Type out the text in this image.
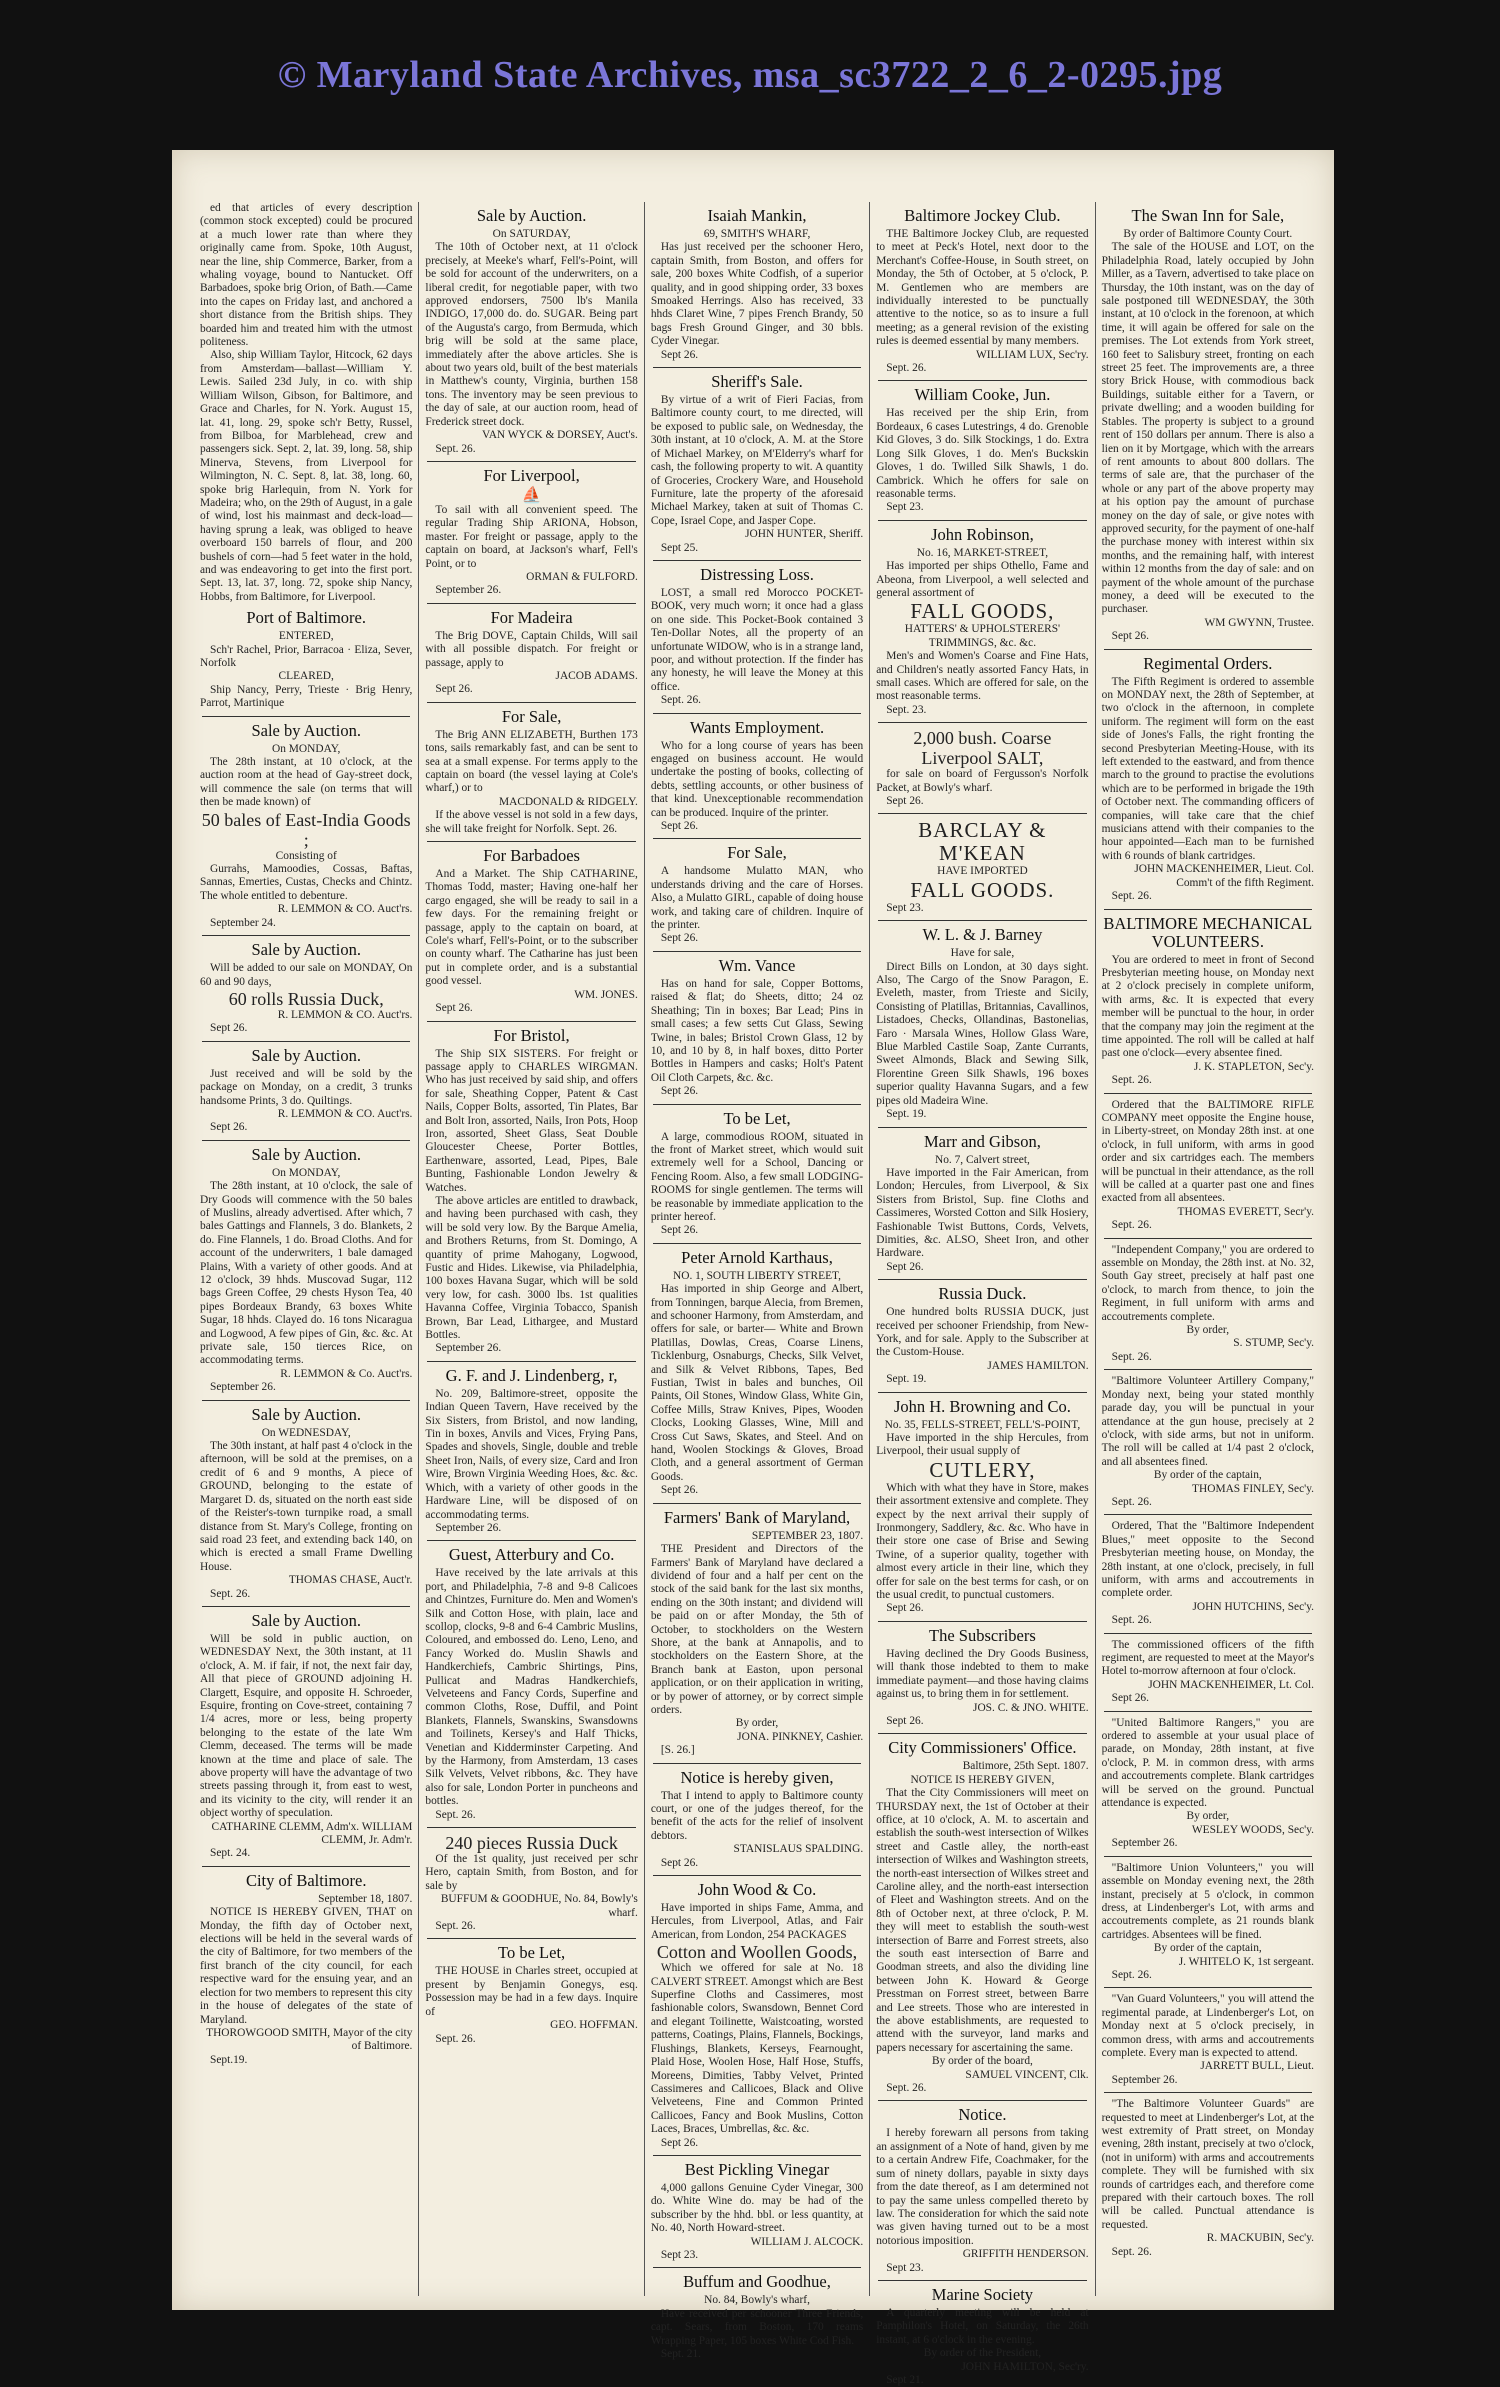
© Maryland State Archives, msa_sc3722_2_6_2-0295.jpg

ed that articles of every description (common stock excepted) could be procured at a much lower rate than where they originally came from. Spoke, 10th August, near the line, ship Commerce, Barker, from a whaling voyage, bound to Nantucket. Off Barbadoes, spoke brig Orion, of Bath.—Came into the capes on Friday last, and anchored a short distance from the British ships. They boarded him and treated him with the utmost politeness.

Also, ship William Taylor, Hitcock, 62 days from Amsterdam—ballast—William Y. Lewis. Sailed 23d July, in co. with ship William Wilson, Gibson, for Baltimore, and Grace and Charles, for N. York. August 15, lat. 41, long. 29, spoke sch'r Betty, Russel, from Bilboa, for Marblehead, crew and passengers sick. Sept. 2, lat. 39, long. 58, ship Minerva, Stevens, from Liverpool for Wilmington, N. C. Sept. 8, lat. 38, long. 60, spoke brig Harlequin, from N. York for Madeira; who, on the 29th of August, in a gale of wind, lost his mainmast and deck-load—having sprung a leak, was obliged to heave overboard 150 barrels of flour, and 200 bushels of corn—had 5 feet water in the hold, and was endeavoring to get into the first port. Sept. 13, lat. 37, long. 72, spoke ship Nancy, Hobbs, from Baltimore, for Liverpool.

Port of Baltimore.

ENTERED,

Sch'r Rachel, Prior, Barracoa · Eliza, Sever, Norfolk

CLEARED,

Ship Nancy, Perry, Trieste · Brig Henry, Parrot, Martinique

Sale by Auction.

On MONDAY,

The 28th instant, at 10 o'clock, at the auction room at the head of Gay-street dock, will commence the sale (on terms that will then be made known) of

50 bales of East-India Goods ;

Consisting of

Gurrahs, Mamoodies, Cossas, Baftas, Sannas, Emerties, Custas, Checks and Chintz. The whole entitled to debenture.

R. LEMMON & CO. Auct'rs.

September 24.

Sale by Auction.

Will be added to our sale on MONDAY, On 60 and 90 days,

60 rolls Russia Duck,

R. LEMMON & CO. Auct'rs.

Sept 26.

Sale by Auction.

Just received and will be sold by the package on Monday, on a credit, 3 trunks handsome Prints, 3 do. Quiltings.

R. LEMMON & CO. Auct'rs.

Sept 26.

Sale by Auction.

On MONDAY,

The 28th instant, at 10 o'clock, the sale of Dry Goods will commence with the 50 bales of Muslins, already advertised. After which, 7 bales Gattings and Flannels, 3 do. Blankets, 2 do. Fine Flannels, 1 do. Broad Cloths. And for account of the underwriters, 1 bale damaged Plains, With a variety of other goods. And at 12 o'clock, 39 hhds. Muscovad Sugar, 112 bags Green Coffee, 29 chests Hyson Tea, 40 pipes Bordeaux Brandy, 63 boxes White Sugar, 18 hhds. Clayed do. 16 tons Nicaragua and Logwood, A few pipes of Gin, &c. &c. At private sale, 150 tierces Rice, on accommodating terms.

R. LEMMON & Co. Auct'rs.

September 26.

Sale by Auction.

On WEDNESDAY,

The 30th instant, at half past 4 o'clock in the afternoon, will be sold at the premises, on a credit of 6 and 9 months, A piece of GROUND, belonging to the estate of Margaret D. ds, situated on the north east side of the Reister's-town turnpike road, a small distance from St. Mary's College, fronting on said road 23 feet, and extending back 140, on which is erected a small Frame Dwelling House.

THOMAS CHASE, Auct'r.

Sept. 26.

Sale by Auction.

Will be sold in public auction, on WEDNESDAY Next, the 30th instant, at 11 o'clock, A. M. if fair, if not, the next fair day, All that piece of GROUND adjoining H. Clargett, Esquire, and opposite H. Schroeder, Esquire, fronting on Cove-street, containing 7 1/4 acres, more or less, being property belonging to the estate of the late Wm Clemm, deceased. The terms will be made known at the time and place of sale. The above property will have the advantage of two streets passing through it, from east to west, and its vicinity to the city, will render it an object worthy of speculation.

CATHARINE CLEMM, Adm'x. WILLIAM CLEMM, Jr. Adm'r.

Sept. 24.

City of Baltimore.

September 18, 1807.

NOTICE IS HEREBY GIVEN, THAT on Monday, the fifth day of October next, elections will be held in the several wards of the city of Baltimore, for two members of the first branch of the city council, for each respective ward for the ensuing year, and an election for two members to represent this city in the house of delegates of the state of Maryland.

THOROWGOOD SMITH, Mayor of the city of Baltimore.

Sept.19.

Sale by Auction.

On SATURDAY,

The 10th of October next, at 11 o'clock precisely, at Meeke's wharf, Fell's-Point, will be sold for account of the underwriters, on a liberal credit, for negotiable paper, with two approved endorsers, 7500 lb's Manila INDIGO, 17,000 do. do. SUGAR. Being part of the Augusta's cargo, from Bermuda, which brig will be sold at the same place, immediately after the above articles. She is about two years old, built of the best materials in Matthew's county, Virginia, burthen 158 tons. The inventory may be seen previous to the day of sale, at our auction room, head of Frederick street dock.

VAN WYCK & DORSEY, Auct's.

Sept. 26.

For Liverpool,

⛵

To sail with all convenient speed. The regular Trading Ship ARIONA, Hobson, master. For freight or passage, apply to the captain on board, at Jackson's wharf, Fell's Point, or to

ORMAN & FULFORD.

September 26.

For Madeira

The Brig DOVE, Captain Childs, Will sail with all possible dispatch. For freight or passage, apply to

JACOB ADAMS.

Sept 26.

For Sale,

The Brig ANN ELIZABETH, Burthen 173 tons, sails remarkably fast, and can be sent to sea at a small expense. For terms apply to the captain on board (the vessel laying at Cole's wharf,) or to

MACDONALD & RIDGELY.

If the above vessel is not sold in a few days, she will take freight for Norfolk. Sept. 26.

For Barbadoes

And a Market. The Ship CATHARINE, Thomas Todd, master; Having one-half her cargo engaged, she will be ready to sail in a few days. For the remaining freight or passage, apply to the captain on board, at Cole's wharf, Fell's-Point, or to the subscriber on county wharf. The Catharine has just been put in complete order, and is a substantial good vessel.

WM. JONES.

Sept 26.

For Bristol,

The Ship SIX SISTERS. For freight or passage apply to CHARLES WIRGMAN. Who has just received by said ship, and offers for sale, Sheathing Copper, Patent & Cast Nails, Copper Bolts, assorted, Tin Plates, Bar and Bolt Iron, assorted, Nails, Iron Pots, Hoop Iron, assorted, Sheet Glass, Seat Double Gloucester Cheese, Porter Bottles, Earthenware, assorted, Lead, Pipes, Bale Bunting, Fashionable London Jewelry & Watches.

The above articles are entitled to drawback, and having been purchased with cash, they will be sold very low. By the Barque Amelia, and Brothers Returns, from St. Domingo, A quantity of prime Mahogany, Logwood, Fustic and Hides. Likewise, via Philadelphia, 100 boxes Havana Sugar, which will be sold very low, for cash. 3000 lbs. 1st qualities Havanna Coffee, Virginia Tobacco, Spanish Brown, Bar Lead, Lithargee, and Mustard Bottles.

September 26.

G. F. and J. Lindenberg, r,

No. 209, Baltimore-street, opposite the Indian Queen Tavern, Have received by the Six Sisters, from Bristol, and now landing, Tin in boxes, Anvils and Vices, Frying Pans, Spades and shovels, Single, double and treble Sheet Iron, Nails, of every size, Card and Iron Wire, Brown Virginia Weeding Hoes, &c. &c. Which, with a variety of other goods in the Hardware Line, will be disposed of on accommodating terms.

September 26.

Guest, Atterbury and Co.

Have received by the late arrivals at this port, and Philadelphia, 7-8 and 9-8 Calicoes and Chintzes, Furniture do. Men and Women's Silk and Cotton Hose, with plain, lace and scollop, clocks, 9-8 and 6-4 Cambric Muslins, Coloured, and embossed do. Leno, Leno, and Fancy Worked do. Muslin Shawls and Handkerchiefs, Cambric Shirtings, Pins, Pullicat and Madras Handkerchiefs, Velveteens and Fancy Cords, Superfine and common Cloths, Rose, Duffil, and Point Blankets, Flannels, Swanskins, Swansdowns and Toilinets, Kersey's and Half Thicks, Venetian and Kidderminster Carpeting. And by the Harmony, from Amsterdam, 13 cases Silk Velvets, Velvet ribbons, &c. They have also for sale, London Porter in puncheons and bottles.

Sept. 26.

240 pieces Russia Duck

Of the 1st quality, just received per schr Hero, captain Smith, from Boston, and for sale by

BUFFUM & GOODHUE, No. 84, Bowly's wharf.

Sept. 26.

To be Let,

THE HOUSE in Charles street, occupied at present by Benjamin Gonegys, esq. Possession may be had in a few days. Inquire of

GEO. HOFFMAN.

Sept. 26.

Isaiah Mankin,

69, SMITH'S WHARF,

Has just received per the schooner Hero, captain Smith, from Boston, and offers for sale, 200 boxes White Codfish, of a superior quality, and in good shipping order, 33 boxes Smoaked Herrings. Also has received, 33 hhds Claret Wine, 7 pipes French Brandy, 50 bags Fresh Ground Ginger, and 30 bbls. Cyder Vinegar.

Sept 26.

Sheriff's Sale.

By virtue of a writ of Fieri Facias, from Baltimore county court, to me directed, will be exposed to public sale, on Wednesday, the 30th instant, at 10 o'clock, A. M. at the Store of Michael Markey, on M'Elderry's wharf for cash, the following property to wit. A quantity of Groceries, Crockery Ware, and Household Furniture, late the property of the aforesaid Michael Markey, taken at suit of Thomas C. Cope, Israel Cope, and Jasper Cope.

JOHN HUNTER, Sheriff.

Sept 25.

Distressing Loss.

LOST, a small red Morocco POCKET-BOOK, very much worn; it once had a glass on one side. This Pocket-Book contained 3 Ten-Dollar Notes, all the property of an unfortunate WIDOW, who is in a strange land, poor, and without protection. If the finder has any honesty, he will leave the Money at this office.

Sept. 26.

Wants Employment.

Who for a long course of years has been engaged on business account. He would undertake the posting of books, collecting of debts, settling accounts, or other business of that kind. Unexceptionable recommendation can be produced. Inquire of the printer.

Sept 26.

For Sale,

A handsome Mulatto MAN, who understands driving and the care of Horses. Also, a Mulatto GIRL, capable of doing house work, and taking care of children. Inquire of the printer.

Sept 26.

Wm. Vance

Has on hand for sale, Copper Bottoms, raised & flat; do Sheets, ditto; 24 oz Sheathing; Tin in boxes; Bar Lead; Pins in small cases; a few setts Cut Glass, Sewing Twine, in bales; Bristol Crown Glass, 12 by 10, and 10 by 8, in half boxes, ditto Porter Bottles in Hampers and casks; Holt's Patent Oil Cloth Carpets, &c. &c.

Sept 26.

To be Let,

A large, commodious ROOM, situated in the front of Market street, which would suit extremely well for a School, Dancing or Fencing Room. Also, a few small LODGING-ROOMS for single gentlemen. The terms will be reasonable by immediate application to the printer hereof.

Sept 26.

Peter Arnold Karthaus,

NO. 1, SOUTH LIBERTY STREET,

Has imported in ship George and Albert, from Tonningen, barque Alecia, from Bremen, and schooner Harmony, from Amsterdam, and offers for sale, or barter— White and Brown Platillas, Dowlas, Creas, Coarse Linens, Ticklenburg, Osnaburgs, Checks, Silk Velvet, and Silk & Velvet Ribbons, Tapes, Bed Fustian, Twist in bales and bunches, Oil Paints, Oil Stones, Window Glass, White Gin, Coffee Mills, Straw Knives, Pipes, Wooden Clocks, Looking Glasses, Wine, Mill and Cross Cut Saws, Skates, and Steel. And on hand, Woolen Stockings & Gloves, Broad Cloth, and a general assortment of German Goods.

Sept 26.

Farmers' Bank of Maryland,

SEPTEMBER 23, 1807.

THE President and Directors of the Farmers' Bank of Maryland have declared a dividend of four and a half per cent on the stock of the said bank for the last six months, ending on the 30th instant; and dividend will be paid on or after Monday, the 5th of October, to stockholders on the Western Shore, at the bank at Annapolis, and to stockholders on the Eastern Shore, at the Branch bank at Easton, upon personal application, or on their application in writing, or by power of attorney, or by correct simple orders.

By order,

JONA. PINKNEY, Cashier.

[S. 26.]

Notice is hereby given,

That I intend to apply to Baltimore county court, or one of the judges thereof, for the benefit of the acts for the relief of insolvent debtors.

STANISLAUS SPALDING.

Sept 26.

John Wood & Co.

Have imported in ships Fame, Amma, and Hercules, from Liverpool, Atlas, and Fair American, from London, 254 PACKAGES

Cotton and Woollen Goods,

Which we offered for sale at No. 18 CALVERT STREET. Amongst which are Best Superfine Cloths and Cassimeres, most fashionable colors, Swansdown, Bennet Cord and elegant Toilinette, Waistcoating, worsted patterns, Coatings, Plains, Flannels, Bockings, Flushings, Blankets, Kerseys, Fearnought, Plaid Hose, Woolen Hose, Half Hose, Stuffs, Moreens, Dimities, Tabby Velvet, Printed Cassimeres and Callicoes, Black and Olive Velveteens, Fine and Common Printed Callicoes, Fancy and Book Muslins, Cotton Laces, Braces, Umbrellas, &c. &c.

Sept 26.

Best Pickling Vinegar

4,000 gallons Genuine Cyder Vinegar, 300 do. White Wine do. may be had of the subscriber by the hhd. bbl. or less quantity, at No. 40, North Howard-street.

WILLIAM J. ALCOCK.

Sept 23.

Buffum and Goodhue,

No. 84, Bowly's wharf,

Have received per schooner Three Friends, capt. Sears, from Boston, 170 reams Wrapping Paper, 105 boxes White Cod Fish.

Sept. 21.

Baltimore Jockey Club.

THE Baltimore Jockey Club, are requested to meet at Peck's Hotel, next door to the Merchant's Coffee-House, in South street, on Monday, the 5th of October, at 5 o'clock, P. M. Gentlemen who are members are individually interested to be punctually attentive to the notice, so as to insure a full meeting; as a general revision of the existing rules is deemed essential by many members.

WILLIAM LUX, Sec'ry.

Sept. 26.

William Cooke, Jun.

Has received per the ship Erin, from Bordeaux, 6 cases Lutestrings, 4 do. Grenoble Kid Gloves, 3 do. Silk Stockings, 1 do. Extra Long Silk Gloves, 1 do. Men's Buckskin Gloves, 1 do. Twilled Silk Shawls, 1 do. Cambrick. Which he offers for sale on reasonable terms.

Sept 23.

John Robinson,

No. 16, MARKET-STREET,

Has imported per ships Othello, Fame and Abeona, from Liverpool, a well selected and general assortment of

FALL GOODS,

HATTERS' & UPHOLSTERERS' TRIMMINGS, &c. &c.

Men's and Women's Coarse and Fine Hats, and Children's neatly assorted Fancy Hats, in small cases. Which are offered for sale, on the most reasonable terms.

Sept. 23.

2,000 bush. Coarse Liverpool SALT,

for sale on board of Fergusson's Norfolk Packet, at Bowly's wharf.

Sept 26.

BARCLAY & M'KEAN

HAVE IMPORTED

FALL GOODS.

Sept 23.

W. L. & J. Barney

Have for sale,

Direct Bills on London, at 30 days sight. Also, The Cargo of the Snow Paragon, E. Eveleth, master, from Trieste and Sicily, Consisting of Platillas, Britannias, Cavallinos, Listadoes, Checks, Ollandinas, Bastonelias, Faro · Marsala Wines, Hollow Glass Ware, Blue Marbled Castile Soap, Zante Currants, Sweet Almonds, Black and Sewing Silk, Florentine Green Silk Shawls, 196 boxes superior quality Havanna Sugars, and a few pipes old Madeira Wine.

Sept. 19.

Marr and Gibson,

No. 7, Calvert street,

Have imported in the Fair American, from London; Hercules, from Liverpool, & Six Sisters from Bristol, Sup. fine Cloths and Cassimeres, Worsted Cotton and Silk Hosiery, Fashionable Twist Buttons, Cords, Velvets, Dimities, &c. ALSO, Sheet Iron, and other Hardware.

Sept 26.

Russia Duck.

One hundred bolts RUSSIA DUCK, just received per schooner Friendship, from New-York, and for sale. Apply to the Subscriber at the Custom-House.

JAMES HAMILTON.

Sept. 19.

John H. Browning and Co.

No. 35, FELLS-STREET, FELL'S-POINT,

Have imported in the ship Hercules, from Liverpool, their usual supply of

CUTLERY,

Which with what they have in Store, makes their assortment extensive and complete. They expect by the next arrival their supply of Ironmongery, Saddlery, &c. &c. Who have in their store one case of Brise and Sewing Twine, of a superior quality, together with almost every article in their line, which they offer for sale on the best terms for cash, or on the usual credit, to punctual customers.

Sept 26.

The Subscribers

Having declined the Dry Goods Business, will thank those indebted to them to make immediate payment—and those having claims against us, to bring them in for settlement.

JOS. C. & JNO. WHITE.

Sept 26.

City Commissioners' Office.

Baltimore, 25th Sept. 1807.

NOTICE IS HEREBY GIVEN,

That the City Commissioners will meet on THURSDAY next, the 1st of October at their office, at 10 o'clock, A. M. to ascertain and establish the south-west intersection of Wilkes street and Castle alley, the north-east intersection of Wilkes and Washington streets, the north-east intersection of Wilkes street and Caroline alley, and the north-east intersection of Fleet and Washington streets. And on the 8th of October next, at three o'clock, P. M. they will meet to establish the south-west intersection of Barre and Forrest streets, also the south east intersection of Barre and Goodman streets, and also the dividing line between John K. Howard & George Presstman on Forrest street, between Barre and Lee streets. Those who are interested in the above establishments, are requested to attend with the surveyor, land marks and papers necessary for ascertaining the same.

By order of the board,

SAMUEL VINCENT, Clk.

Sept. 26.

Notice.

I hereby forewarn all persons from taking an assignment of a Note of hand, given by me to a certain Andrew Fife, Coachmaker, for the sum of ninety dollars, payable in sixty days from the date thereof, as I am determined not to pay the same unless compelled thereto by law. The consideration for which the said note was given having turned out to be a most notorious imposition.

GRIFFITH HENDERSON.

Sept 23.

Marine Society

A quarterly meeting will be held at Pamphilon's Hotel, on Saturday, the 26th instant, at 6 o'clock in the evening.

By order of the President,

JOHN HAMILTON, Sec'ry.

Sept 21.

The Swan Inn for Sale,

By order of Baltimore County Court.

The sale of the HOUSE and LOT, on the Philadelphia Road, lately occupied by John Miller, as a Tavern, advertised to take place on Thursday, the 10th instant, was on the day of sale postponed till WEDNESDAY, the 30th instant, at 10 o'clock in the forenoon, at which time, it will again be offered for sale on the premises. The Lot extends from York street, 160 feet to Salisbury street, fronting on each street 25 feet. The improvements are, a three story Brick House, with commodious back Buildings, suitable either for a Tavern, or private dwelling; and a wooden building for Stables. The property is subject to a ground rent of 150 dollars per annum. There is also a lien on it by Mortgage, which with the arrears of rent amounts to about 800 dollars. The terms of sale are, that the purchaser of the whole or any part of the above property may at his option pay the amount of purchase money on the day of sale, or give notes with approved security, for the payment of one-half the purchase money with interest within six months, and the remaining half, with interest within 12 months from the day of sale: and on payment of the whole amount of the purchase money, a deed will be executed to the purchaser.

WM GWYNN, Trustee.

Sept 26.

Regimental Orders.

The Fifth Regiment is ordered to assemble on MONDAY next, the 28th of September, at two o'clock in the afternoon, in complete uniform. The regiment will form on the east side of Jones's Falls, the right fronting the second Presbyterian Meeting-House, with its left extended to the eastward, and from thence march to the ground to practise the evolutions which are to be performed in brigade the 19th of October next. The commanding officers of companies, will take care that the chief musicians attend with their companies to the hour appointed—Each man to be furnished with 6 rounds of blank cartridges.

JOHN MACKENHEIMER, Lieut. Col. Comm't of the fifth Regiment.

Sept. 26.

BALTIMORE MECHANICAL VOLUNTEERS.

You are ordered to meet in front of Second Presbyterian meeting house, on Monday next at 2 o'clock precisely in complete uniform, with arms, &c. It is expected that every member will be punctual to the hour, in order that the company may join the regiment at the time appointed. The roll will be called at half past one o'clock—every absentee fined.

J. K. STAPLETON, Sec'y.

Sept. 26.

Ordered that the BALTIMORE RIFLE COMPANY meet opposite the Engine house, in Liberty-street, on Monday 28th inst. at one o'clock, in full uniform, with arms in good order and six cartridges each. The members will be punctual in their attendance, as the roll will be called at a quarter past one and fines exacted from all absentees.

THOMAS EVERETT, Secr'y.

Sept. 26.

"Independent Company," you are ordered to assemble on Monday, the 28th inst. at No. 32, South Gay street, precisely at half past one o'clock, to march from thence, to join the Regiment, in full uniform with arms and accoutrements complete.

By order,

S. STUMP, Sec'y.

Sept. 26.

"Baltimore Volunteer Artillery Company," Monday next, being your stated monthly parade day, you will be punctual in your attendance at the gun house, precisely at 2 o'clock, with side arms, but not in uniform. The roll will be called at 1/4 past 2 o'clock, and all absentees fined.

By order of the captain,

THOMAS FINLEY, Sec'y.

Sept. 26.

Ordered, That the "Baltimore Independent Blues," meet opposite to the Second Presbyterian meeting house, on Monday, the 28th instant, at one o'clock, precisely, in full uniform, with arms and accoutrements in complete order.

JOHN HUTCHINS, Sec'y.

Sept. 26.

The commissioned officers of the fifth regiment, are requested to meet at the Mayor's Hotel to-morrow afternoon at four o'clock.

JOHN MACKENHEIMER, Lt. Col.

Sept 26.

"United Baltimore Rangers," you are ordered to assemble at your usual place of parade, on Monday, 28th instant, at five o'clock, P. M. in common dress, with arms and accoutrements complete. Blank cartridges will be served on the ground. Punctual attendance is expected.

By order,

WESLEY WOODS, Sec'y.

September 26.

"Baltimore Union Volunteers," you will assemble on Monday evening next, the 28th instant, precisely at 5 o'clock, in common dress, at Lindenberger's Lot, with arms and accoutrements complete, as 21 rounds blank cartridges. Absentees will be fined.

By order of the captain,

J. WHITELO K, 1st sergeant.

Sept. 26.

"Van Guard Volunteers," you will attend the regimental parade, at Lindenberger's Lot, on Monday next at 5 o'clock precisely, in common dress, with arms and accoutrements complete. Every man is expected to attend.

JARRETT BULL, Lieut.

September 26.

"The Baltimore Volunteer Guards" are requested to meet at Lindenberger's Lot, at the west extremity of Pratt street, on Monday evening, 28th instant, precisely at two o'clock, (not in uniform) with arms and accoutrements complete. They will be furnished with six rounds of cartridges each, and therefore come prepared with their cartouch boxes. The roll will be called. Punctual attendance is requested.

R. MACKUBIN, Sec'y.

Sept. 26.
